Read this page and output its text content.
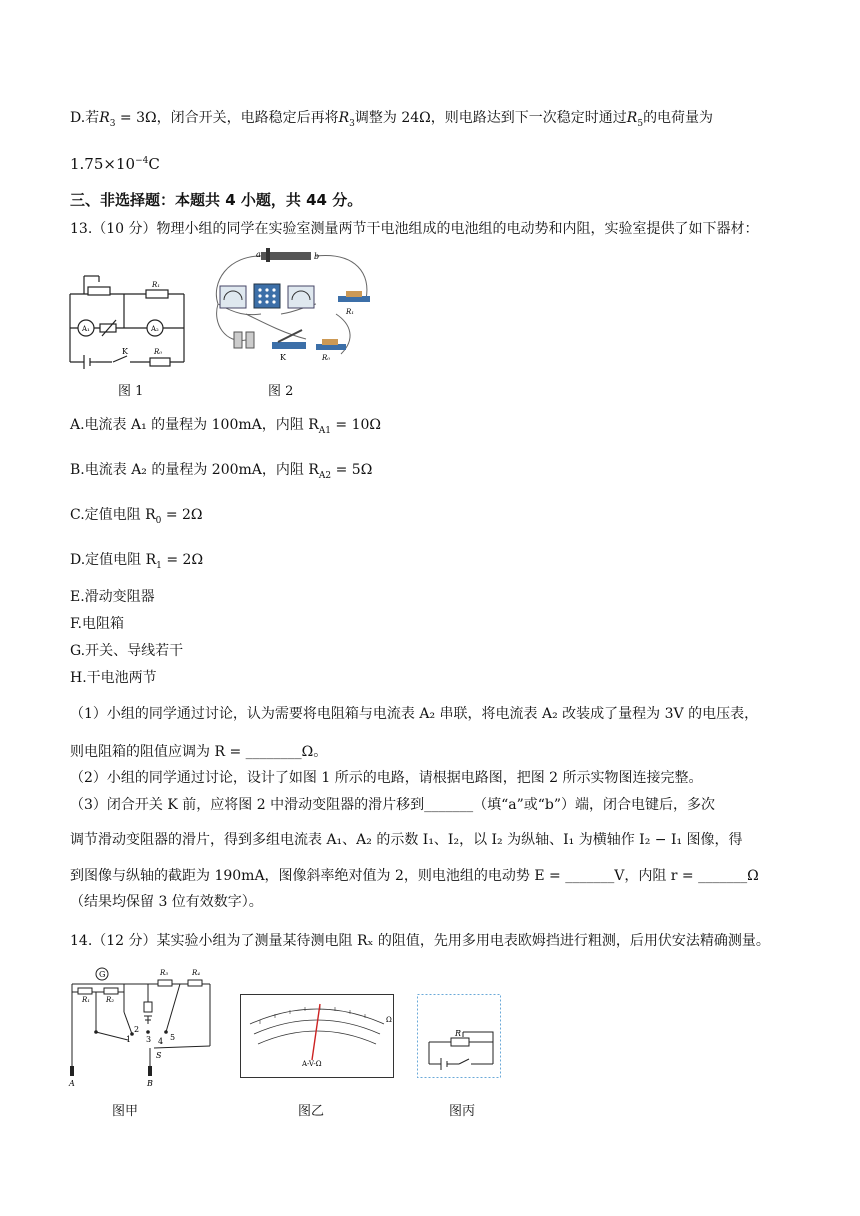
D.若$R_3 = 3\Omega$，闭合开关，电路稳定后再将$R_3$调整为 24Ω，则电路达到下一次稳定时通过$R_5$的电荷量为
$1.75\times 10^{-4}C$
三、非选择题：本题共 4 小题，共 44 分。
13.（10 分）物理小组的同学在实验室测量两节干电池组成的电池组的电动势和内阻，实验室提供了如下器材：
A₁	A₂
R₁
K	R₀
图 1
a	b
R₁
K	R₀
图 2
A.电流表 A₁ 的量程为 100mA，内阻 $R_{A1} = 10\Omega$
B.电流表 A₂ 的量程为 200mA，内阻 $R_{A2} = 5\Omega$
C.定值电阻 $R_0 = 2\Omega$
D.定值电阻 $R_1 = 2\Omega$
E.滑动变阻器
F.电阻箱
G.开关、导线若干
H.干电池两节
（1）小组的同学通过讨论，认为需要将电阻箱与电流表 A₂ 串联，将电流表 A₂ 改装成了量程为 3V 的电压表，
则电阻箱的阻值应调为 R = ________Ω。
（2）小组的同学通过讨论，设计了如图 1 所示的电路，请根据电路图，把图 2 所示实物图连接完整。
（3）闭合开关 K 前，应将图 2 中滑动变阻器的滑片移到_______（填“a”或“b”）端，闭合电键后，多次
调节滑动变阻器的滑片，得到多组电流表 A₁、A₂ 的示数 I₁、I₂，以 I₂ 为纵轴、I₁ 为横轴作 I₂ − I₁ 图像，得
到图像与纵轴的截距为 190mA，图像斜率绝对值为 2，则电池组的电动势 E = _______V，内阻 r = _______Ω
（结果均保留 3 位有效数字）。
14.（12 分）某实验小组为了测量某待测电阻 Rₓ 的阻值，先用多用电表欧姆挡进行粗测，后用伏安法精确测量。
G
R₁ R₂
R₃	R₄
1
2
3 4 5
S
A	B
图甲
Ω
A-V-Ω
图乙
R
图丙
